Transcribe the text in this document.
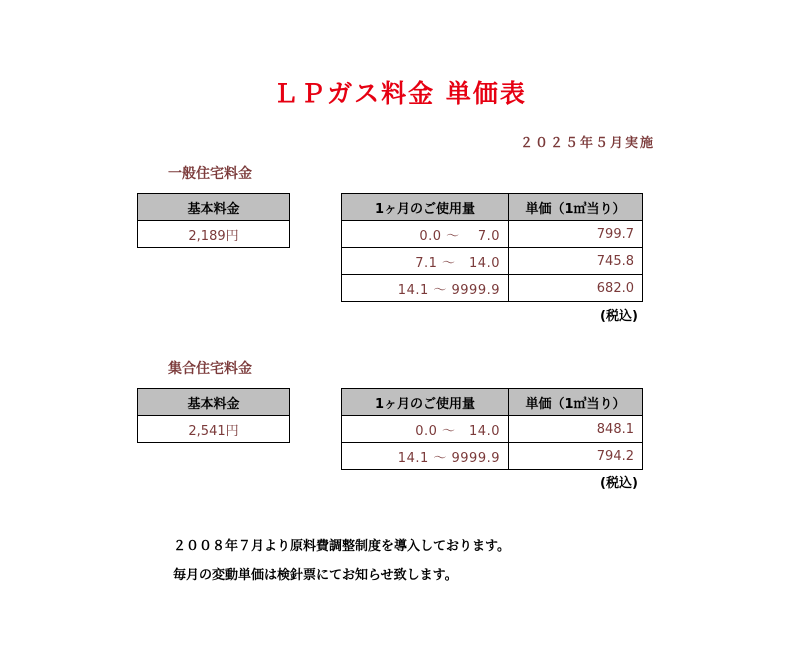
ＬＰガス料金 単価表
２０２５年５月実施
一般住宅料金
基本料金
2,189円
1ヶ月のご使用量	単価（1㎥当り）
0.0 ～　 7.0	799.7
7.1 ～　14.0	745.8
14.1 ～ 9999.9	682.0
(税込)
集合住宅料金
基本料金
2,541円
1ヶ月のご使用量	単価（1㎥当り）
0.0 ～　14.0	848.1
14.1 ～ 9999.9	794.2
(税込)
２００８年７月より原料費調整制度を導入しております。
毎月の変動単価は検針票にてお知らせ致します。
